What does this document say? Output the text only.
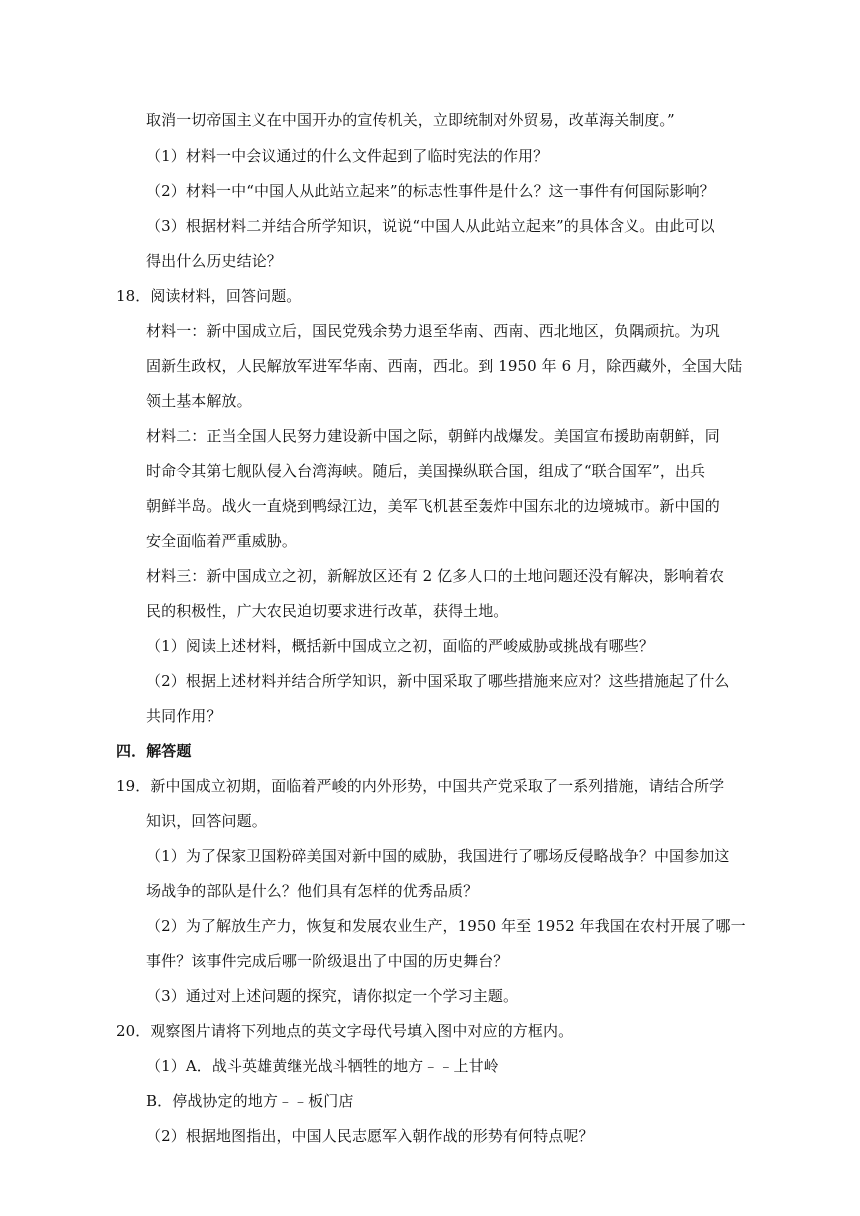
取消一切帝国主义在中国开办的宣传机关，立即统制对外贸易，改革海关制度。”
（1）材料一中会议通过的什么文件起到了临时宪法的作用？
（2）材料一中“中国人从此站立起来”的标志性事件是什么？这一事件有何国际影响？
（3）根据材料二并结合所学知识，说说“中国人从此站立起来”的具体含义。由此可以
得出什么历史结论？
18．阅读材料，回答问题。
材料一：新中国成立后，国民党残余势力退至华南、西南、西北地区，负隅顽抗。为巩
固新生政权，人民解放军进军华南、西南，西北。到 1950 年 6 月，除西藏外，全国大陆
领土基本解放。
材料二：正当全国人民努力建设新中国之际，朝鲜内战爆发。美国宣布援助南朝鲜，同
时命令其第七舰队侵入台湾海峡。随后，美国操纵联合国，组成了“联合国军”，出兵
朝鲜半岛。战火一直烧到鸭绿江边，美军飞机甚至轰炸中国东北的边境城市。新中国的
安全面临着严重威胁。
材料三：新中国成立之初，新解放区还有 2 亿多人口的土地问题还没有解决，影响着农
民的积极性，广大农民迫切要求进行改革，获得土地。
（1）阅读上述材料，概括新中国成立之初，面临的严峻威胁或挑战有哪些？
（2）根据上述材料并结合所学知识，新中国采取了哪些措施来应对？这些措施起了什么
共同作用？
四．解答题
19．新中国成立初期，面临着严峻的内外形势，中国共产党采取了一系列措施，请结合所学
知识，回答问题。
（1）为了保家卫国粉碎美国对新中国的威胁，我国进行了哪场反侵略战争？中国参加这
场战争的部队是什么？他们具有怎样的优秀品质？
（2）为了解放生产力，恢复和发展农业生产，1950 年至 1952 年我国在农村开展了哪一
事件？该事件完成后哪一阶级退出了中国的历史舞台？
（3）通过对上述问题的探究，请你拟定一个学习主题。
20．观察图片请将下列地点的英文字母代号填入图中对应的方框内。
（1）A．战斗英雄黄继光战斗牺牲的地方﹣﹣上甘岭
B．停战协定的地方﹣﹣板门店
（2）根据地图指出，中国人民志愿军入朝作战的形势有何特点呢？
